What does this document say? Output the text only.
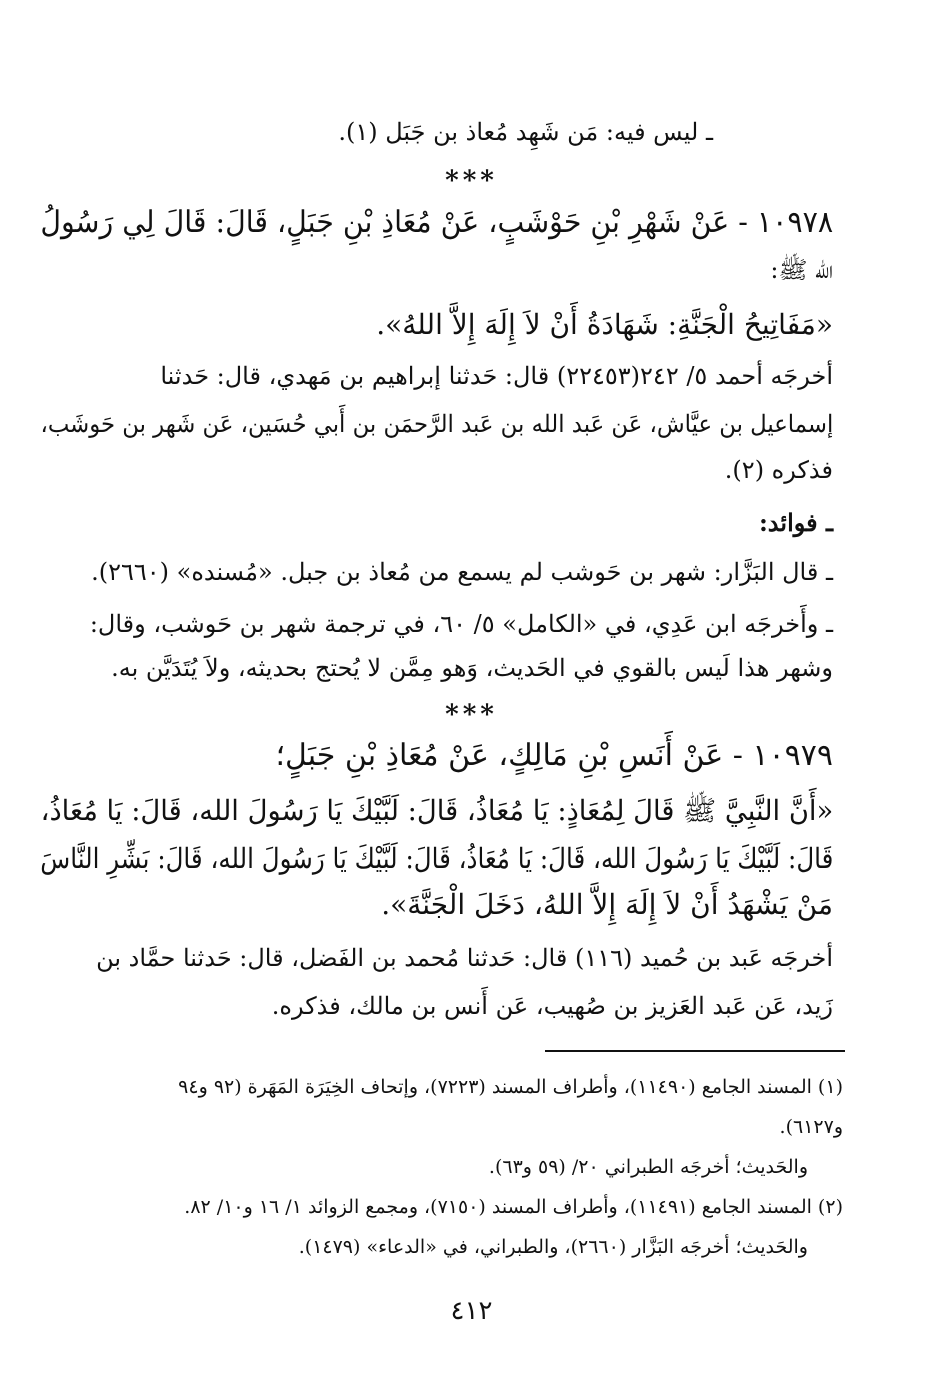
ـ ليس فيه: مَن شَهِد مُعاذ بن جَبَل (١).
***
١٠٩٧٨ - عَنْ شَهْرِ بْنِ حَوْشَبٍ، عَنْ مُعَاذِ بْنِ جَبَلٍ، قَالَ: قَالَ لِي رَسُولُ
الله ﷺ:
«مَفَاتِيحُ الْجَنَّةِ: شَهَادَةُ أَنْ لاَ إِلَهَ إِلاَّ اللهُ».
أخرجَه أحمد ٥/ ٢٤٢(٢٢٤٥٣) قال: حَدثنا إبراهيم بن مَهدي، قال: حَدثنا
إسماعيل بن عيَّاش، عَن عَبد الله بن عَبد الرَّحمَن بن أَبي حُسَين، عَن شَهر بن حَوشَب،
فذكره (٢).
ـ فوائد:
ـ قال البَزَّار: شهر بن حَوشب لم يسمع من مُعاذ بن جبل. «مُسنده» (٢٦٦٠).
ـ وأَخرجَه ابن عَدِي، في «الكامل» ٥/ ٦٠، في ترجمة شهر بن حَوشب، وقال:
وشهر هذا لَيس بالقوي في الحَديث، وَهو مِمَّن لا يُحتج بحديثه، ولاَ يُتَدَيَّن به.
***
١٠٩٧٩ - عَنْ أَنَسِ بْنِ مَالِكٍ، عَنْ مُعَاذِ بْنِ جَبَلٍ؛
«أَنَّ النَّبِيَّ ﷺ قَالَ لِمُعَاذٍ: يَا مُعَاذُ، قَالَ: لَبَّيْكَ يَا رَسُولَ الله، قَالَ: يَا مُعَاذُ،
قَالَ: لَبَّيْكَ يَا رَسُولَ الله، قَالَ: يَا مُعَاذُ، قَالَ: لَبَّيْكَ يَا رَسُولَ الله، قَالَ: بَشِّرِ النَّاسَ
مَنْ يَشْهَدُ أَنْ لاَ إِلَهَ إِلاَّ اللهُ، دَخَلَ الْجَنَّةَ».
أخرجَه عَبد بن حُميد (١١٦) قال: حَدثنا مُحمد بن الفَضل، قال: حَدثنا حمَّاد بن
زَيد، عَن عَبد العَزيز بن صُهيب، عَن أَنس بن مالك، فذكره.
(١) المسند الجامع (١١٤٩٠)، وأطراف المسند (٧٢٢٣)، وإتحاف الخِيَرَة المَهَرة (٩٢ و٩٤
و٦١٢٧).
والحَديث؛ أخرجَه الطبراني ٢٠/ (٥٩ و٦٣).
(٢) المسند الجامع (١١٤٩١)، وأطراف المسند (٧١٥٠)، ومجمع الزوائد ١/ ١٦ و١٠/ ٨٢.
والحَديث؛ أخرجَه البَزَّار (٢٦٦٠)، والطبراني، في «الدعاء» (١٤٧٩).
٤١٢
